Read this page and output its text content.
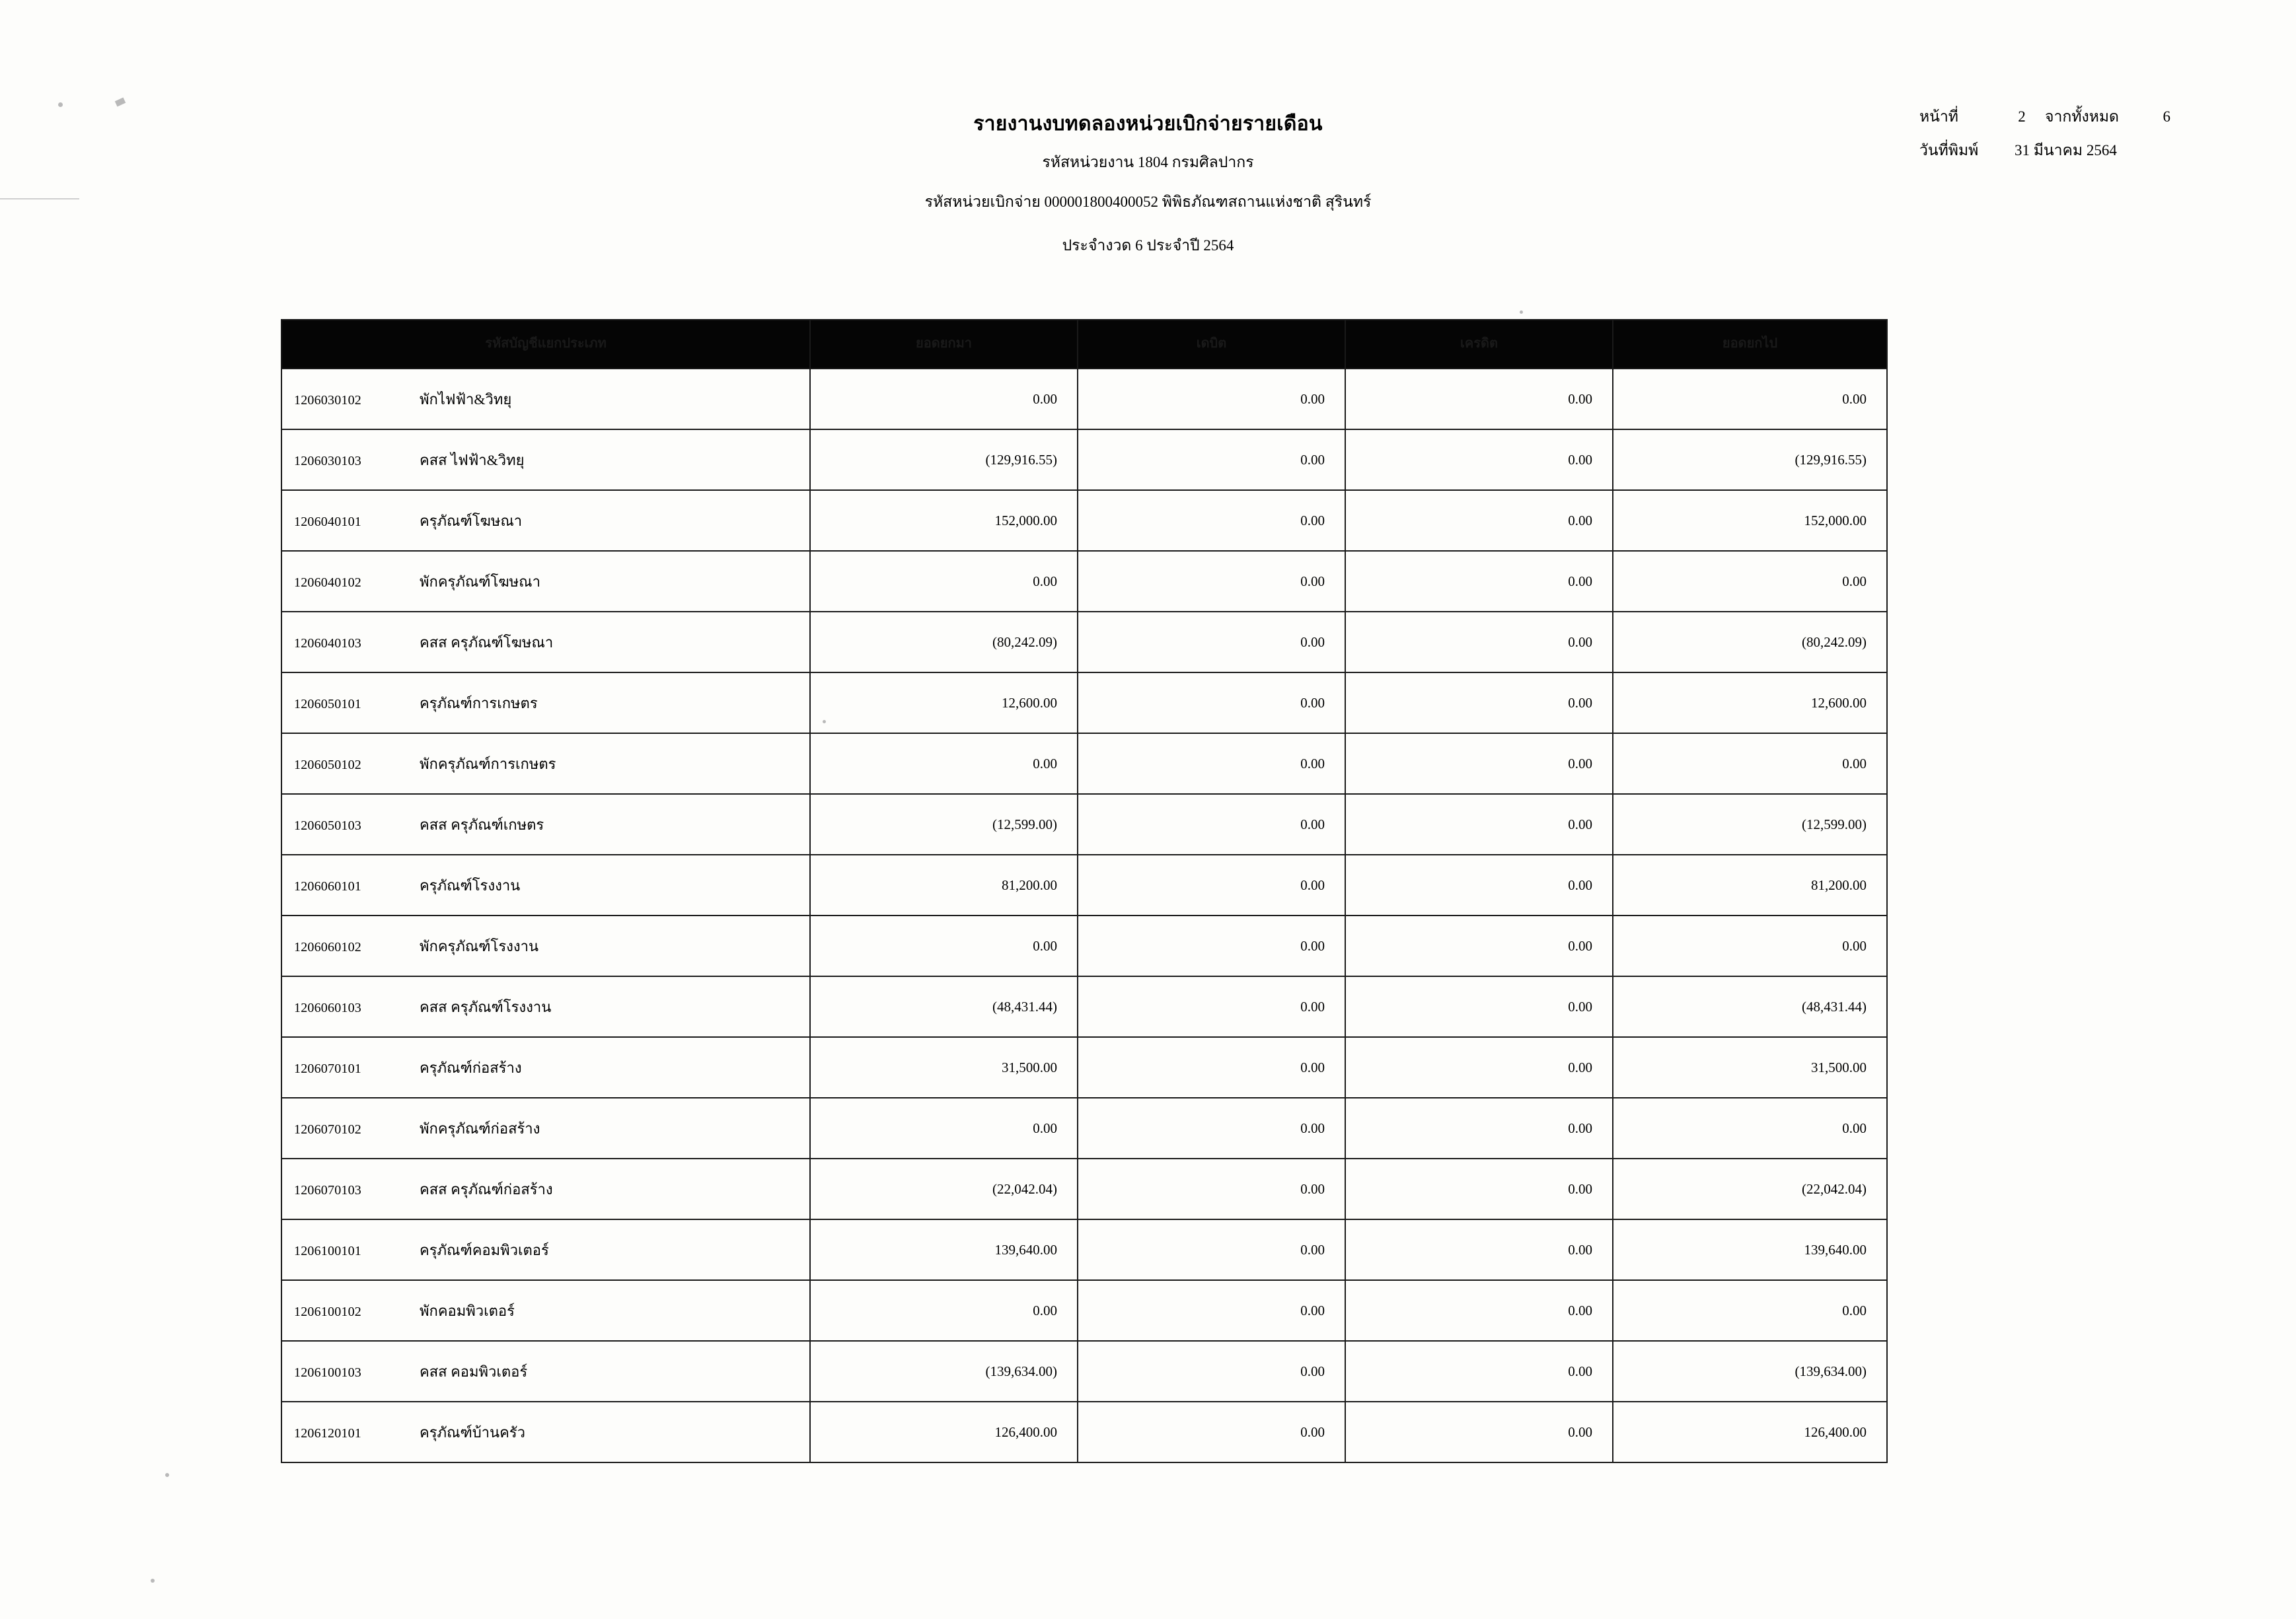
รายงานงบทดลองหน่วยเบิกจ่ายรายเดือน
รหัสหน่วยงาน 1804 กรมศิลปากร
รหัสหน่วยเบิกจ่าย 000001800400052 พิพิธภัณฑสถานแห่งชาติ สุรินทร์
ประจำงวด 6 ประจำปี 2564
หน้าที่	2	จากทั้งหมด	6
วันที่พิมพ์	31 มีนาคม 2564
รหัสบัญชีแยกประเภท	ยอดยกมา	เดบิต	เครดิต	ยอดยกไป

1206030102 พักไฟฟ้า&วิทยุ	0.00	0.00	0.00	0.00

1206030103 คสส ไฟฟ้า&วิทยุ	(129,916.55)	0.00	0.00	(129,916.55)

1206040101 ครุภัณฑ์โฆษณา	152,000.00	0.00	0.00	152,000.00

1206040102 พักครุภัณฑ์โฆษณา	0.00	0.00	0.00	0.00

1206040103 คสส ครุภัณฑ์โฆษณา	(80,242.09)	0.00	0.00	(80,242.09)

1206050101 ครุภัณฑ์การเกษตร	12,600.00	0.00	0.00	12,600.00

1206050102 พักครุภัณฑ์การเกษตร	0.00	0.00	0.00	0.00

1206050103 คสส ครุภัณฑ์เกษตร	(12,599.00)	0.00	0.00	(12,599.00)

1206060101 ครุภัณฑ์โรงงาน	81,200.00	0.00	0.00	81,200.00

1206060102 พักครุภัณฑ์โรงงาน	0.00	0.00	0.00	0.00

1206060103 คสส ครุภัณฑ์โรงงาน	(48,431.44)	0.00	0.00	(48,431.44)

1206070101 ครุภัณฑ์ก่อสร้าง	31,500.00	0.00	0.00	31,500.00

1206070102 พักครุภัณฑ์ก่อสร้าง	0.00	0.00	0.00	0.00

1206070103 คสส ครุภัณฑ์ก่อสร้าง	(22,042.04)	0.00	0.00	(22,042.04)

1206100101 ครุภัณฑ์คอมพิวเตอร์	139,640.00	0.00	0.00	139,640.00

1206100102 พักคอมพิวเตอร์	0.00	0.00	0.00	0.00

1206100103 คสส คอมพิวเตอร์	(139,634.00)	0.00	0.00	(139,634.00)

1206120101 ครุภัณฑ์บ้านครัว	126,400.00	0.00	0.00	126,400.00
